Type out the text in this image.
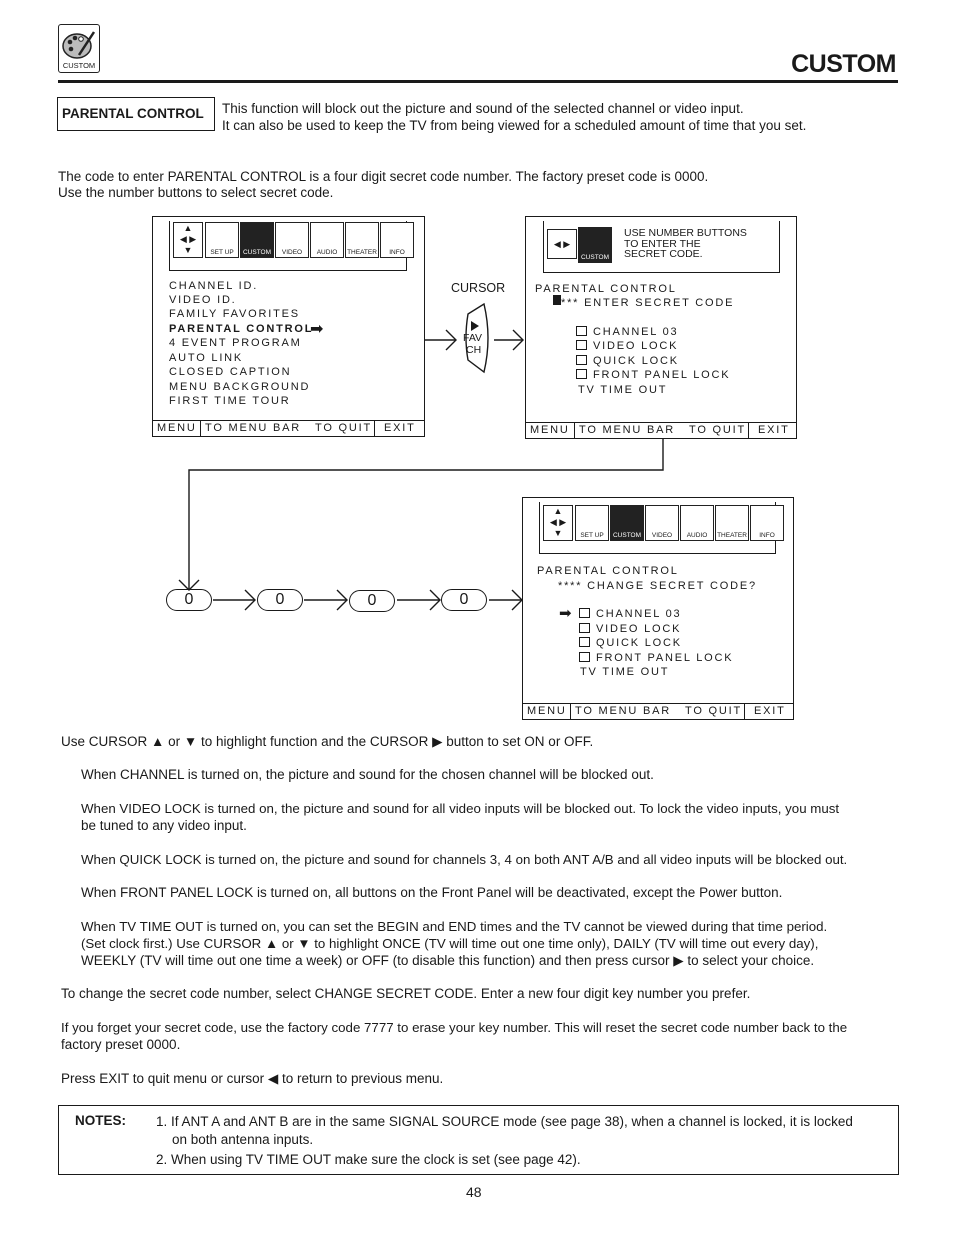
CUSTOM	CUSTOM
PARENTAL CONTROL	This function will block out the picture and sound of the selected channel or video input.
It can also be used to keep the TV from being viewed for a scheduled amount of time that you set.
The code to enter PARENTAL CONTROL is a four digit secret code number. The factory preset code is 0000.
Use the number buttons to select secret code.
▲
◀ ▶
▼	SET UP	CUSTOM	VIDEO	AUDIO	THEATER	INFO
CHANNEL ID.
VIDEO ID.
FAMILY FAVORITES
PARENTAL CONTROL
➡
4 EVENT PROGRAM
AUTO LINK
CLOSED CAPTION
MENU BACKGROUND
FIRST TIME TOUR
MENU TO MENU BAR	TO QUIT	EXIT
CURSOR
FAV
CH
◀ ▶
CUSTOM
USE NUMBER BUTTONS
TO ENTER THE
SECRET CODE.
PARENTAL CONTROL
*** ENTER SECRET CODE
CHANNEL 03
VIDEO LOCK
QUICK LOCK
FRONT PANEL LOCK
TV TIME OUT
MENU TO MENU BAR	TO QUIT	EXIT
0	0	0	0
▲
◀ ▶
▼	SET UP	CUSTOM	VIDEO	AUDIO	THEATER	INFO
PARENTAL CONTROL
**** CHANGE SECRET CODE?
➡	CHANNEL 03
VIDEO LOCK
QUICK LOCK
FRONT PANEL LOCK
TV TIME OUT
MENU TO MENU BAR	TO QUIT	EXIT
Use CURSOR ▲ or ▼ to highlight function and the CURSOR ▶ button to set ON or OFF.
When CHANNEL is turned on, the picture and sound for the chosen channel will be blocked out.
When VIDEO LOCK is turned on, the picture and sound for all video inputs will be blocked out. To lock the video inputs, you must
be tuned to any video input.
When QUICK LOCK is turned on, the picture and sound for channels 3, 4 on both ANT A/B and all video inputs will be blocked out.
When FRONT PANEL LOCK is turned on, all buttons on the Front Panel will be deactivated, except the Power button.
When TV TIME OUT is turned on, you can set the BEGIN and END times and the TV cannot be viewed during that time period.
(Set clock first.) Use CURSOR ▲ or ▼ to highlight ONCE (TV will time out one time only), DAILY (TV will time out every day),
WEEKLY (TV will time out one time a week) or OFF (to disable this function) and then press cursor ▶ to select your choice.
To change the secret code number, select CHANGE SECRET CODE. Enter a new four digit key number you prefer.
If you forget your secret code, use the factory code 7777 to erase your key number. This will reset the secret code number back to the
factory preset 0000.
Press EXIT to quit menu or cursor ◀ to return to previous menu.
NOTES: 1. If ANT A and ANT B are in the same SIGNAL SOURCE mode (see page 38), when a channel is locked, it is locked
on both antenna inputs.
2. When using TV TIME OUT make sure the clock is set (see page 42).
48
